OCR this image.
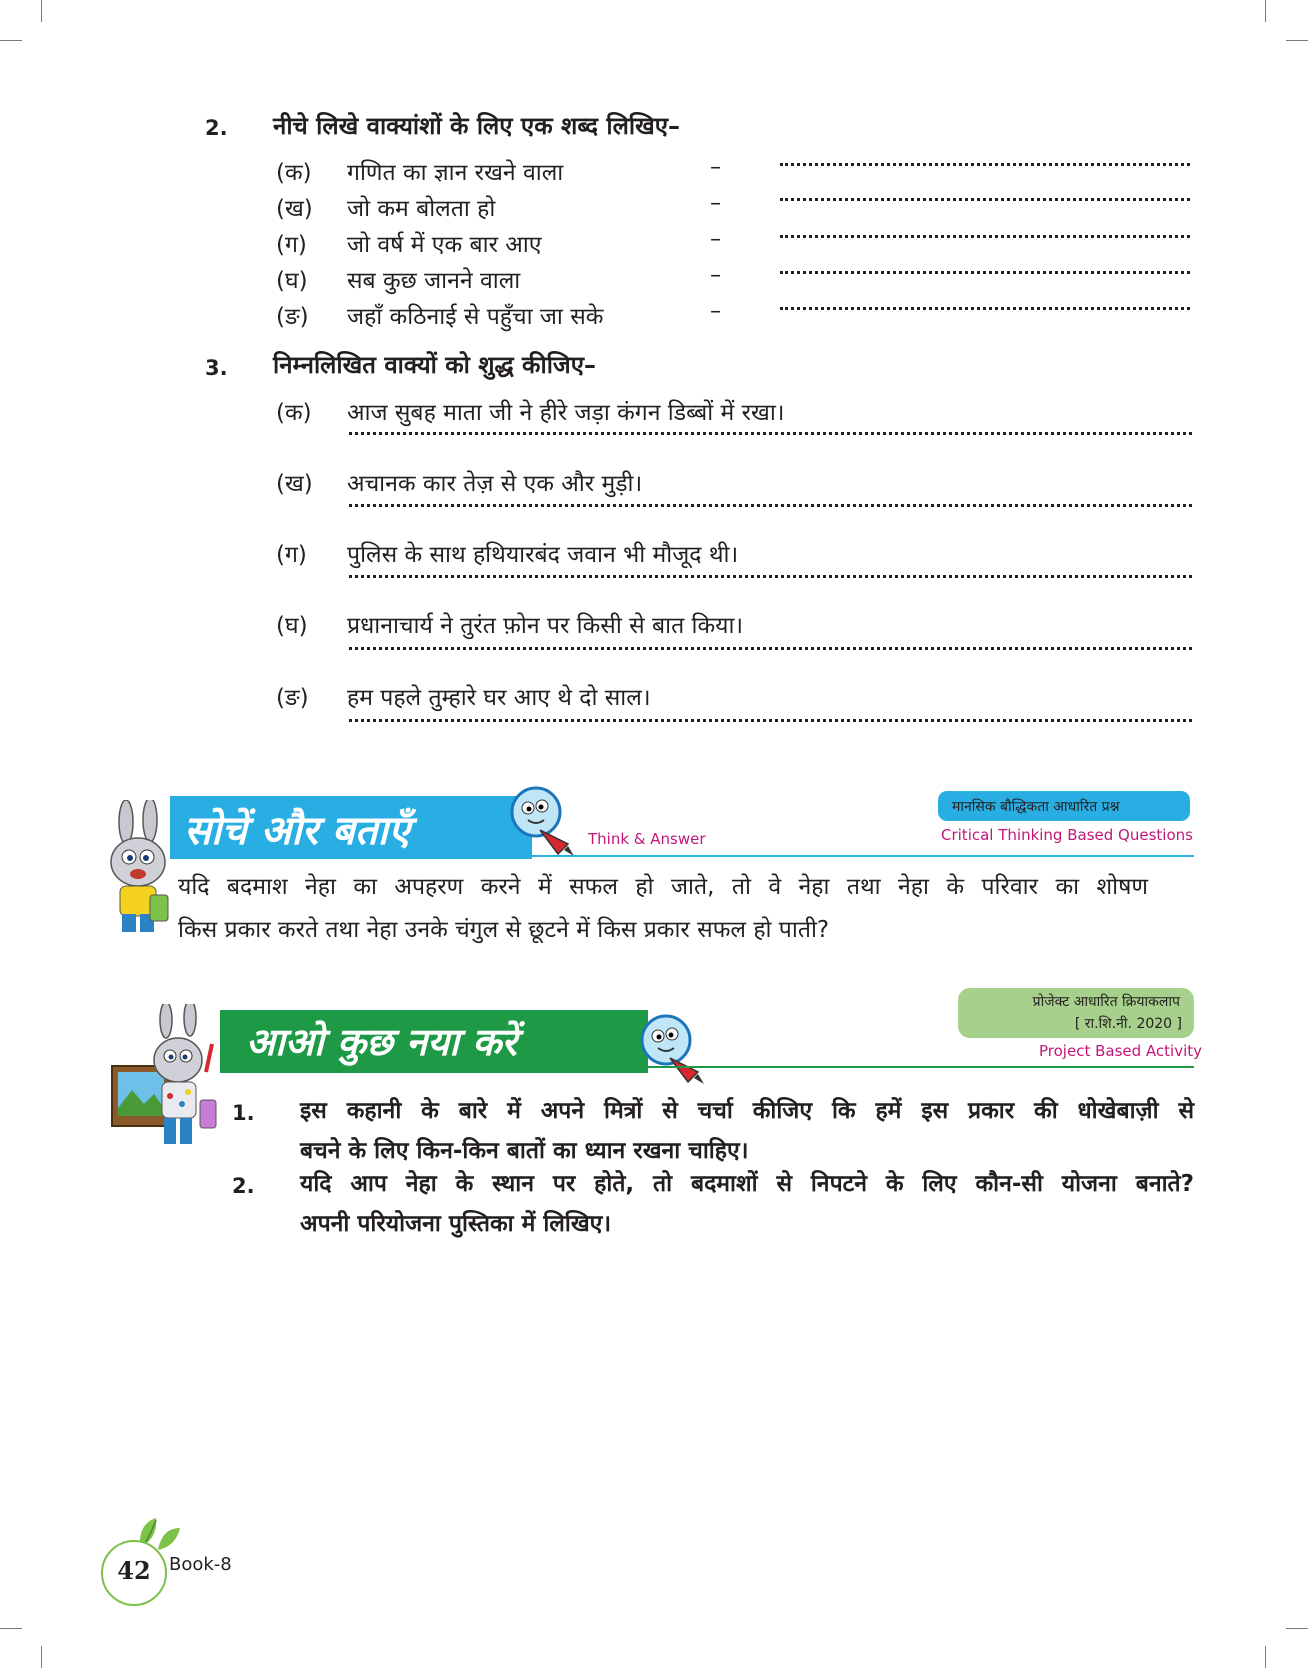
2. नीचे लिखे वाक्यांशों के लिए एक शब्द लिखिए–
(क) गणित का ज्ञान रखने वाला
(ख) जो कम बोलता हो
(ग) जो वर्ष में एक बार आए
(घ) सब कुछ जानने वाला
(ङ) जहाँ कठिनाई से पहुँचा जा सके
–
–
–
–
–
3. निम्नलिखित वाक्यों को शुद्ध कीजिए–
(क) आज सुबह माता जी ने हीरे जड़ा कंगन डिब्बों में रखा।
(ख) अचानक कार तेज़ से एक और मुड़ी।
(ग) पुलिस के साथ हथियारबंद जवान भी मौजूद थी।
(घ) प्रधानाचार्य ने तुरंत फ़ोन पर किसी से बात किया।
(ङ) हम पहले तुम्हारे घर आए थे दो साल।
सोचें और बताएँ	Think & Answer
मानसिक बौद्धिकता आधारित प्रश्न
Critical Thinking Based Questions
यदि बदमाश नेहा का अपहरण करने में सफल हो जाते, तो वे नेहा तथा नेहा के परिवार का शोषण
किस प्रकार करते तथा नेहा उनके चंगुल से छूटने में किस प्रकार सफल हो पाती?
आओ कुछ नया करें
प्रोजेक्ट आधारित क्रियाकलाप
[ रा.शि.नी. 2020 ]
Project Based Activity
1. इस कहानी के बारे में अपने मित्रों से चर्चा कीजिए कि हमें इस प्रकार की धोखेबाज़ी से
बचने के लिए किन-किन बातों का ध्यान रखना चाहिए।
2. यदि आप नेहा के स्थान पर होते, तो बदमाशों से निपटने के लिए कौन-सी योजना बनाते?
अपनी परियोजना पुस्तिका में लिखिए।
42	Book-8
